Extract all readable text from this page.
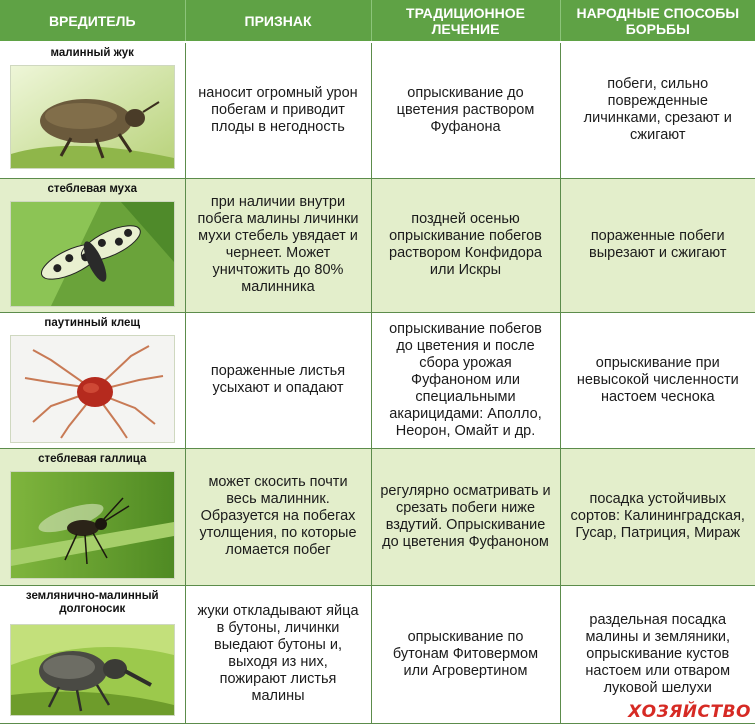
ВРЕДИТЕЛЬ	ПРИЗНАК	ТРАДИЦИОННОЕ ЛЕЧЕНИЕ	НАРОДНЫЕ СПОСОБЫ БОРЬБЫ

малинный жук	наносит огромный урон побегам и приводит плоды в негодность	опрыскивание до цветения раствором Фуфанона	побеги, сильно поврежденные личинками, срезают и сжигают

стеблевая муха	при наличии внутри побега малины личинки мухи стебель увядает и чернеет. Может уничтожить до 80% малинника	поздней осенью опрыскивание побегов раствором Конфидора или Искры	пораженные побеги вырезают и сжигают

паутинный клещ	пораженные листья усыхают и опадают	опрыскивание побегов до цветения и после сбора урожая Фуфаноном или специальными акарицидами: Аполло, Неорон, Омайт и др.	опрыскивание при невысокой численности настоем чеснока

стеблевая галлица	может скосить почти весь малинник. Образуется на побегах утолщения, по которые ломается побег	регулярно осматривать и срезать побеги ниже вздутий. Опрыскивание до цветения Фуфаноном	посадка устойчивых сортов: Калининградская, Гусар, Патриция, Мираж

землянично-малинный долгоносик	жуки откладывают яйца в бутоны, личинки выедают бутоны и, выходя из них, пожирают листья малины	опрыскивание по бутонам Фитовермом или Агровертином	раздельная посадка малины и земляники, опрыскивание кустов настоем или отваром луковой шелухи
ХОЗЯЙСТВО
